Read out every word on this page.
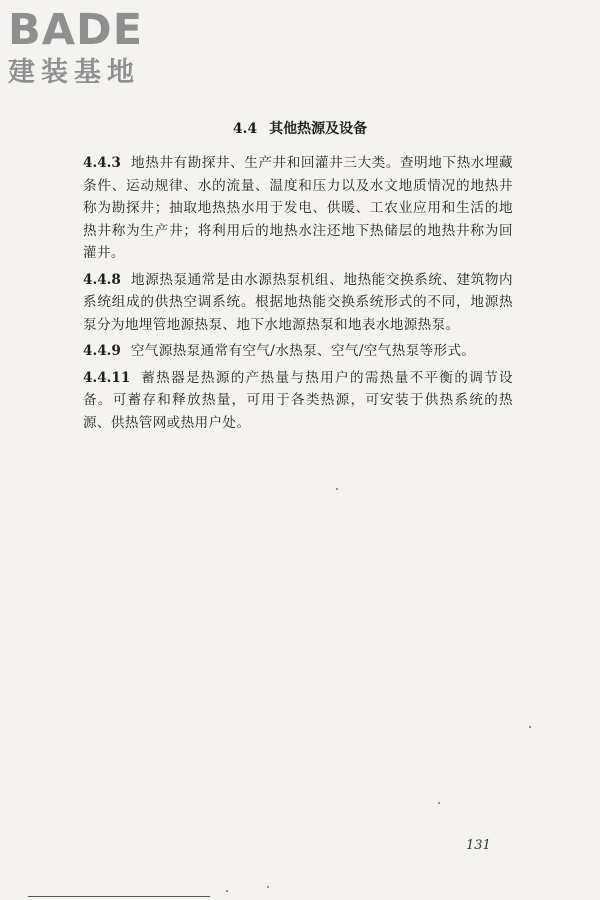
BADE
建装基地
4.4 其他热源及设备

4.4.3 地热井有勘探井、生产井和回灌井三大类。查明地下热水埋藏条件、运动规律、水的流量、温度和压力以及水文地质情况的地热井称为勘探井；抽取地热热水用于发电、供暖、工农业应用和生活的地热井称为生产井；将利用后的地热水注还地下热储层的地热井称为回灌井。

4.4.8 地源热泵通常是由水源热泵机组、地热能交换系统、建筑物内系统组成的供热空调系统。根据地热能交换系统形式的不同，地源热泵分为地埋管地源热泵、地下水地源热泵和地表水地源热泵。

4.4.9 空气源热泵通常有空气/水热泵、空气/空气热泵等形式。

4.4.11 蓄热器是热源的产热量与热用户的需热量不平衡的调节设备。可蓄存和释放热量，可用于各类热源，可安装于供热系统的热源、供热管网或热用户处。

131
